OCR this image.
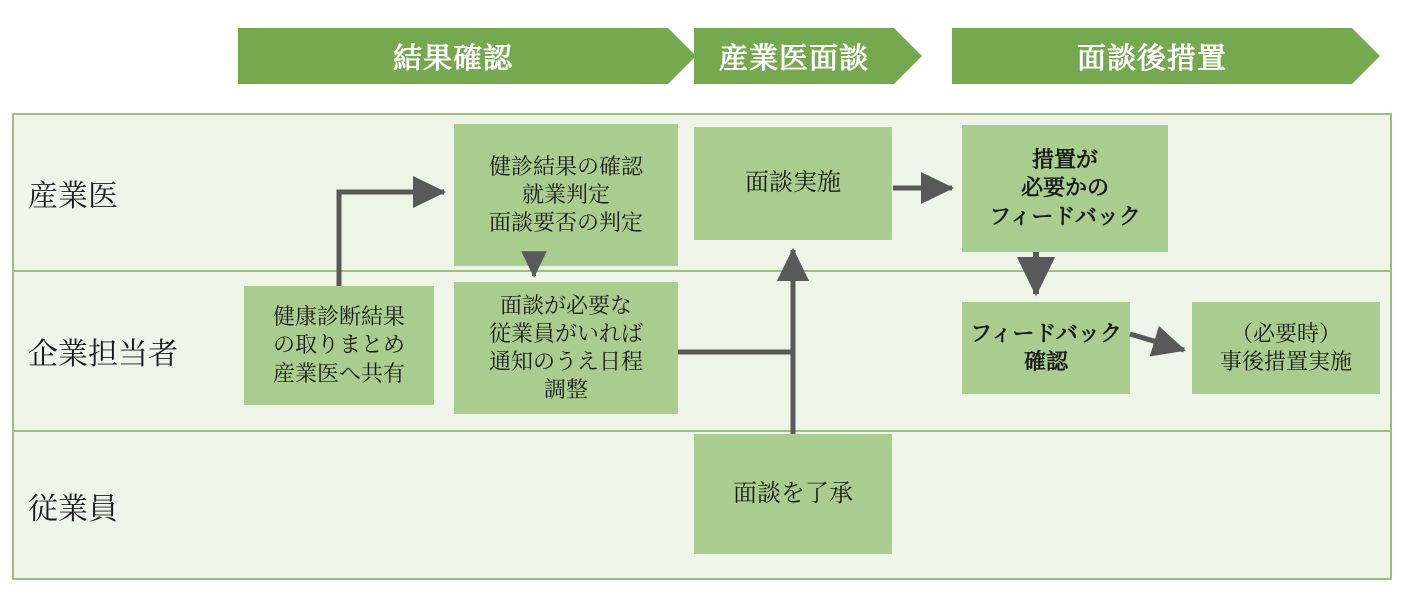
結果確認	産業医面談	面談後措置
産業医
企業担当者
従業員
健診結果の確認
就業判定
面談要否の判定
面談実施
措置が
必要かの
フィードバック
健康診断結果
の取りまとめ
産業医へ共有
面談が必要な
従業員がいれば
通知のうえ日程
調整
フィードバック
確認
（必要時）
事後措置実施
面談を了承
